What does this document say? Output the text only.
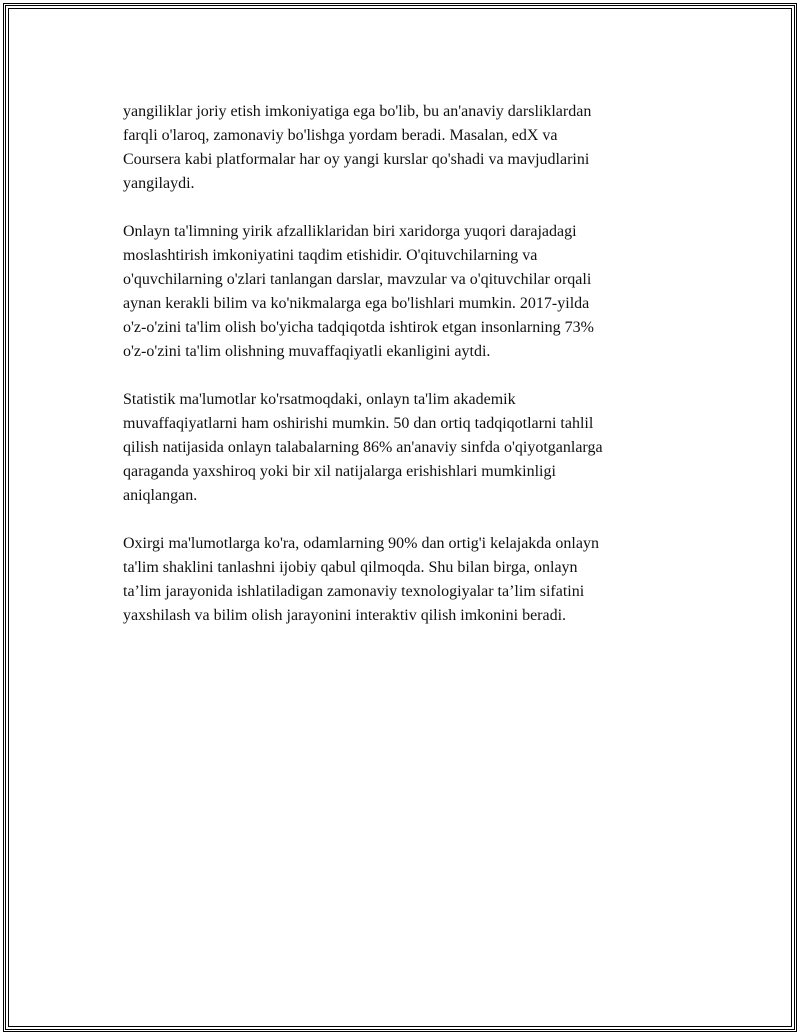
yangiliklar joriy etish imkoniyatiga ega bo'lib, bu an'anaviy darsliklardan
farqli o'laroq, zamonaviy bo'lishga yordam beradi. Masalan, edX va
Coursera kabi platformalar har oy yangi kurslar qo'shadi va mavjudlarini
yangilaydi.

Onlayn ta'limning yirik afzalliklaridan biri xaridorga yuqori darajadagi
moslashtirish imkoniyatini taqdim etishidir. O'qituvchilarning va
o'quvchilarning o'zlari tanlangan darslar, mavzular va o'qituvchilar orqali
aynan kerakli bilim va ko'nikmalarga ega bo'lishlari mumkin. 2017-yilda
o'z-o'zini ta'lim olish bo'yicha tadqiqotda ishtirok etgan insonlarning 73%
o'z-o'zini ta'lim olishning muvaffaqiyatli ekanligini aytdi.

Statistik ma'lumotlar ko'rsatmoqdaki, onlayn ta'lim akademik
muvaffaqiyatlarni ham oshirishi mumkin. 50 dan ortiq tadqiqotlarni tahlil
qilish natijasida onlayn talabalarning 86% an'anaviy sinfda o'qiyotganlarga
qaraganda yaxshiroq yoki bir xil natijalarga erishishlari mumkinligi
aniqlangan.

Oxirgi ma'lumotlarga ko'ra, odamlarning 90% dan ortig'i kelajakda onlayn
ta'lim shaklini tanlashni ijobiy qabul qilmoqda. Shu bilan birga, onlayn
ta’lim jarayonida ishlatiladigan zamonaviy texnologiyalar ta’lim sifatini
yaxshilash va bilim olish jarayonini interaktiv qilish imkonini beradi.
